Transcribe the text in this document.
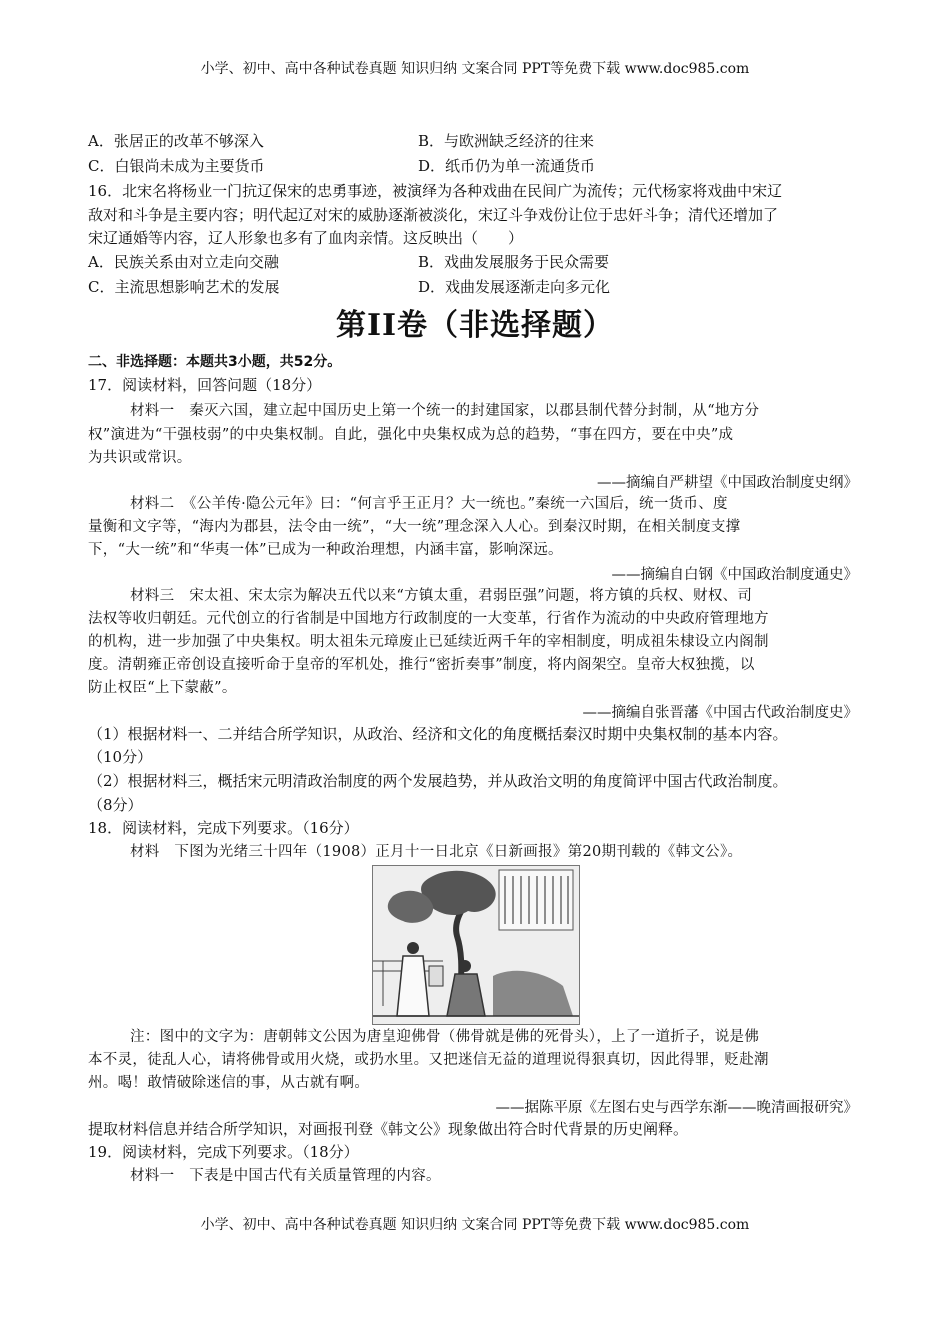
小学、初中、高中各种试卷真题 知识归纳 文案合同 PPT等免费下载 www.doc985.com
A．张居正的改革不够深入	B．与欧洲缺乏经济的往来
C．白银尚未成为主要货币	D．纸币仍为单一流通货币
16．北宋名将杨业一门抗辽保宋的忠勇事迹，被演绎为各种戏曲在民间广为流传；元代杨家将戏曲中宋辽
敌对和斗争是主要内容；明代起辽对宋的威胁逐渐被淡化，宋辽斗争戏份让位于忠奸斗争；清代还增加了
宋辽通婚等内容，辽人形象也多有了血肉亲情。这反映出（　　）
A．民族关系由对立走向交融	B．戏曲发展服务于民众需要
C．主流思想影响艺术的发展	D．戏曲发展逐渐走向多元化
第II卷（非选择题）
二、非选择题：本题共3小题，共52分。
17．阅读材料，回答问题（18分）
材料一　秦灭六国，建立起中国历史上第一个统一的封建国家，以郡县制代替分封制，从“地方分
权”演进为“干强枝弱”的中央集权制。自此，强化中央集权成为总的趋势，“事在四方，要在中央”成
为共识或常识。
——摘编自严耕望《中国政治制度史纲》
材料二　《公羊传·隐公元年》曰：“何言乎王正月？大一统也。”秦统一六国后，统一货币、度
量衡和文字等，“海内为郡县，法令由一统”，“大一统”理念深入人心。到秦汉时期，在相关制度支撑
下，“大一统”和“华夷一体”已成为一种政治理想，内涵丰富，影响深远。
——摘编自白钢《中国政治制度通史》
材料三　宋太祖、宋太宗为解决五代以来“方镇太重，君弱臣强”问题，将方镇的兵权、财权、司
法权等收归朝廷。元代创立的行省制是中国地方行政制度的一大变革，行省作为流动的中央政府管理地方
的机构，进一步加强了中央集权。明太祖朱元璋废止已延续近两千年的宰相制度，明成祖朱棣设立内阁制
度。清朝雍正帝创设直接听命于皇帝的军机处，推行“密折奏事”制度，将内阁架空。皇帝大权独揽，以
防止权臣“上下蒙蔽”。
——摘编自张晋藩《中国古代政治制度史》
（1）根据材料一、二并结合所学知识，从政治、经济和文化的角度概括秦汉时期中央集权制的基本内容。
（10分）
（2）根据材料三，概括宋元明清政治制度的两个发展趋势，并从政治文明的角度简评中国古代政治制度。
（8分）
18．阅读材料，完成下列要求。（16分）
材料　下图为光绪三十四年（1908）正月十一日北京《日新画报》第20期刊载的《韩文公》。
注：图中的文字为：唐朝韩文公因为唐皇迎佛骨（佛骨就是佛的死骨头），上了一道折子，说是佛
本不灵，徒乱人心，请将佛骨或用火烧，或扔水里。又把迷信无益的道理说得狠真切，因此得罪，贬赴潮
州。喝！敢情破除迷信的事，从古就有啊。
——据陈平原《左图右史与西学东渐——晚清画报研究》
提取材料信息并结合所学知识，对画报刊登《韩文公》现象做出符合时代背景的历史阐释。
19．阅读材料，完成下列要求。（18分）
材料一　下表是中国古代有关质量管理的内容。
小学、初中、高中各种试卷真题 知识归纳 文案合同 PPT等免费下载 www.doc985.com
